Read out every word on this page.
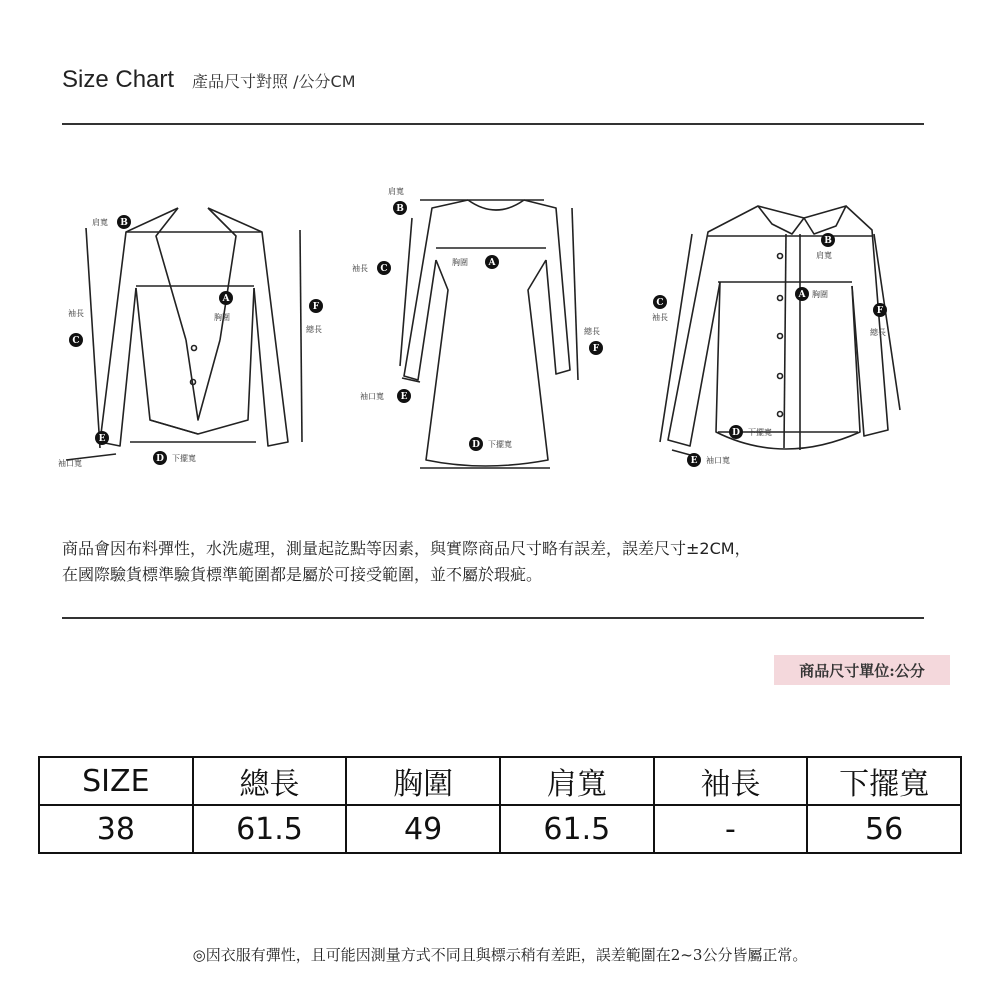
Size Chart 產品尺寸對照 /公分CM
B
A
C
E
D
F
B
A
C
E
D
F
B
A
C
D
E
F
肩寬
胸圍
袖長
總長
袖口寬
下擺寬
肩寬
胸圍
袖長
總長
袖口寬
下擺寬
肩寬
胸圍
袖長
總長
袖口寬
下擺寬
商品會因布料彈性，水洗處理，測量起訖點等因素，與實際商品尺寸略有誤差，誤差尺寸±2CM，
在國際驗貨標準驗貨標準範圍都是屬於可接受範圍，並不屬於瑕疵。
商品尺寸單位:公分
SIZE	總長	胸圍	肩寬	袖長	下擺寬
38	61.5	49	61.5	-	56
◎因衣服有彈性，且可能因測量方式不同且與標示稍有差距，誤差範圍在2~3公分皆屬正常。
